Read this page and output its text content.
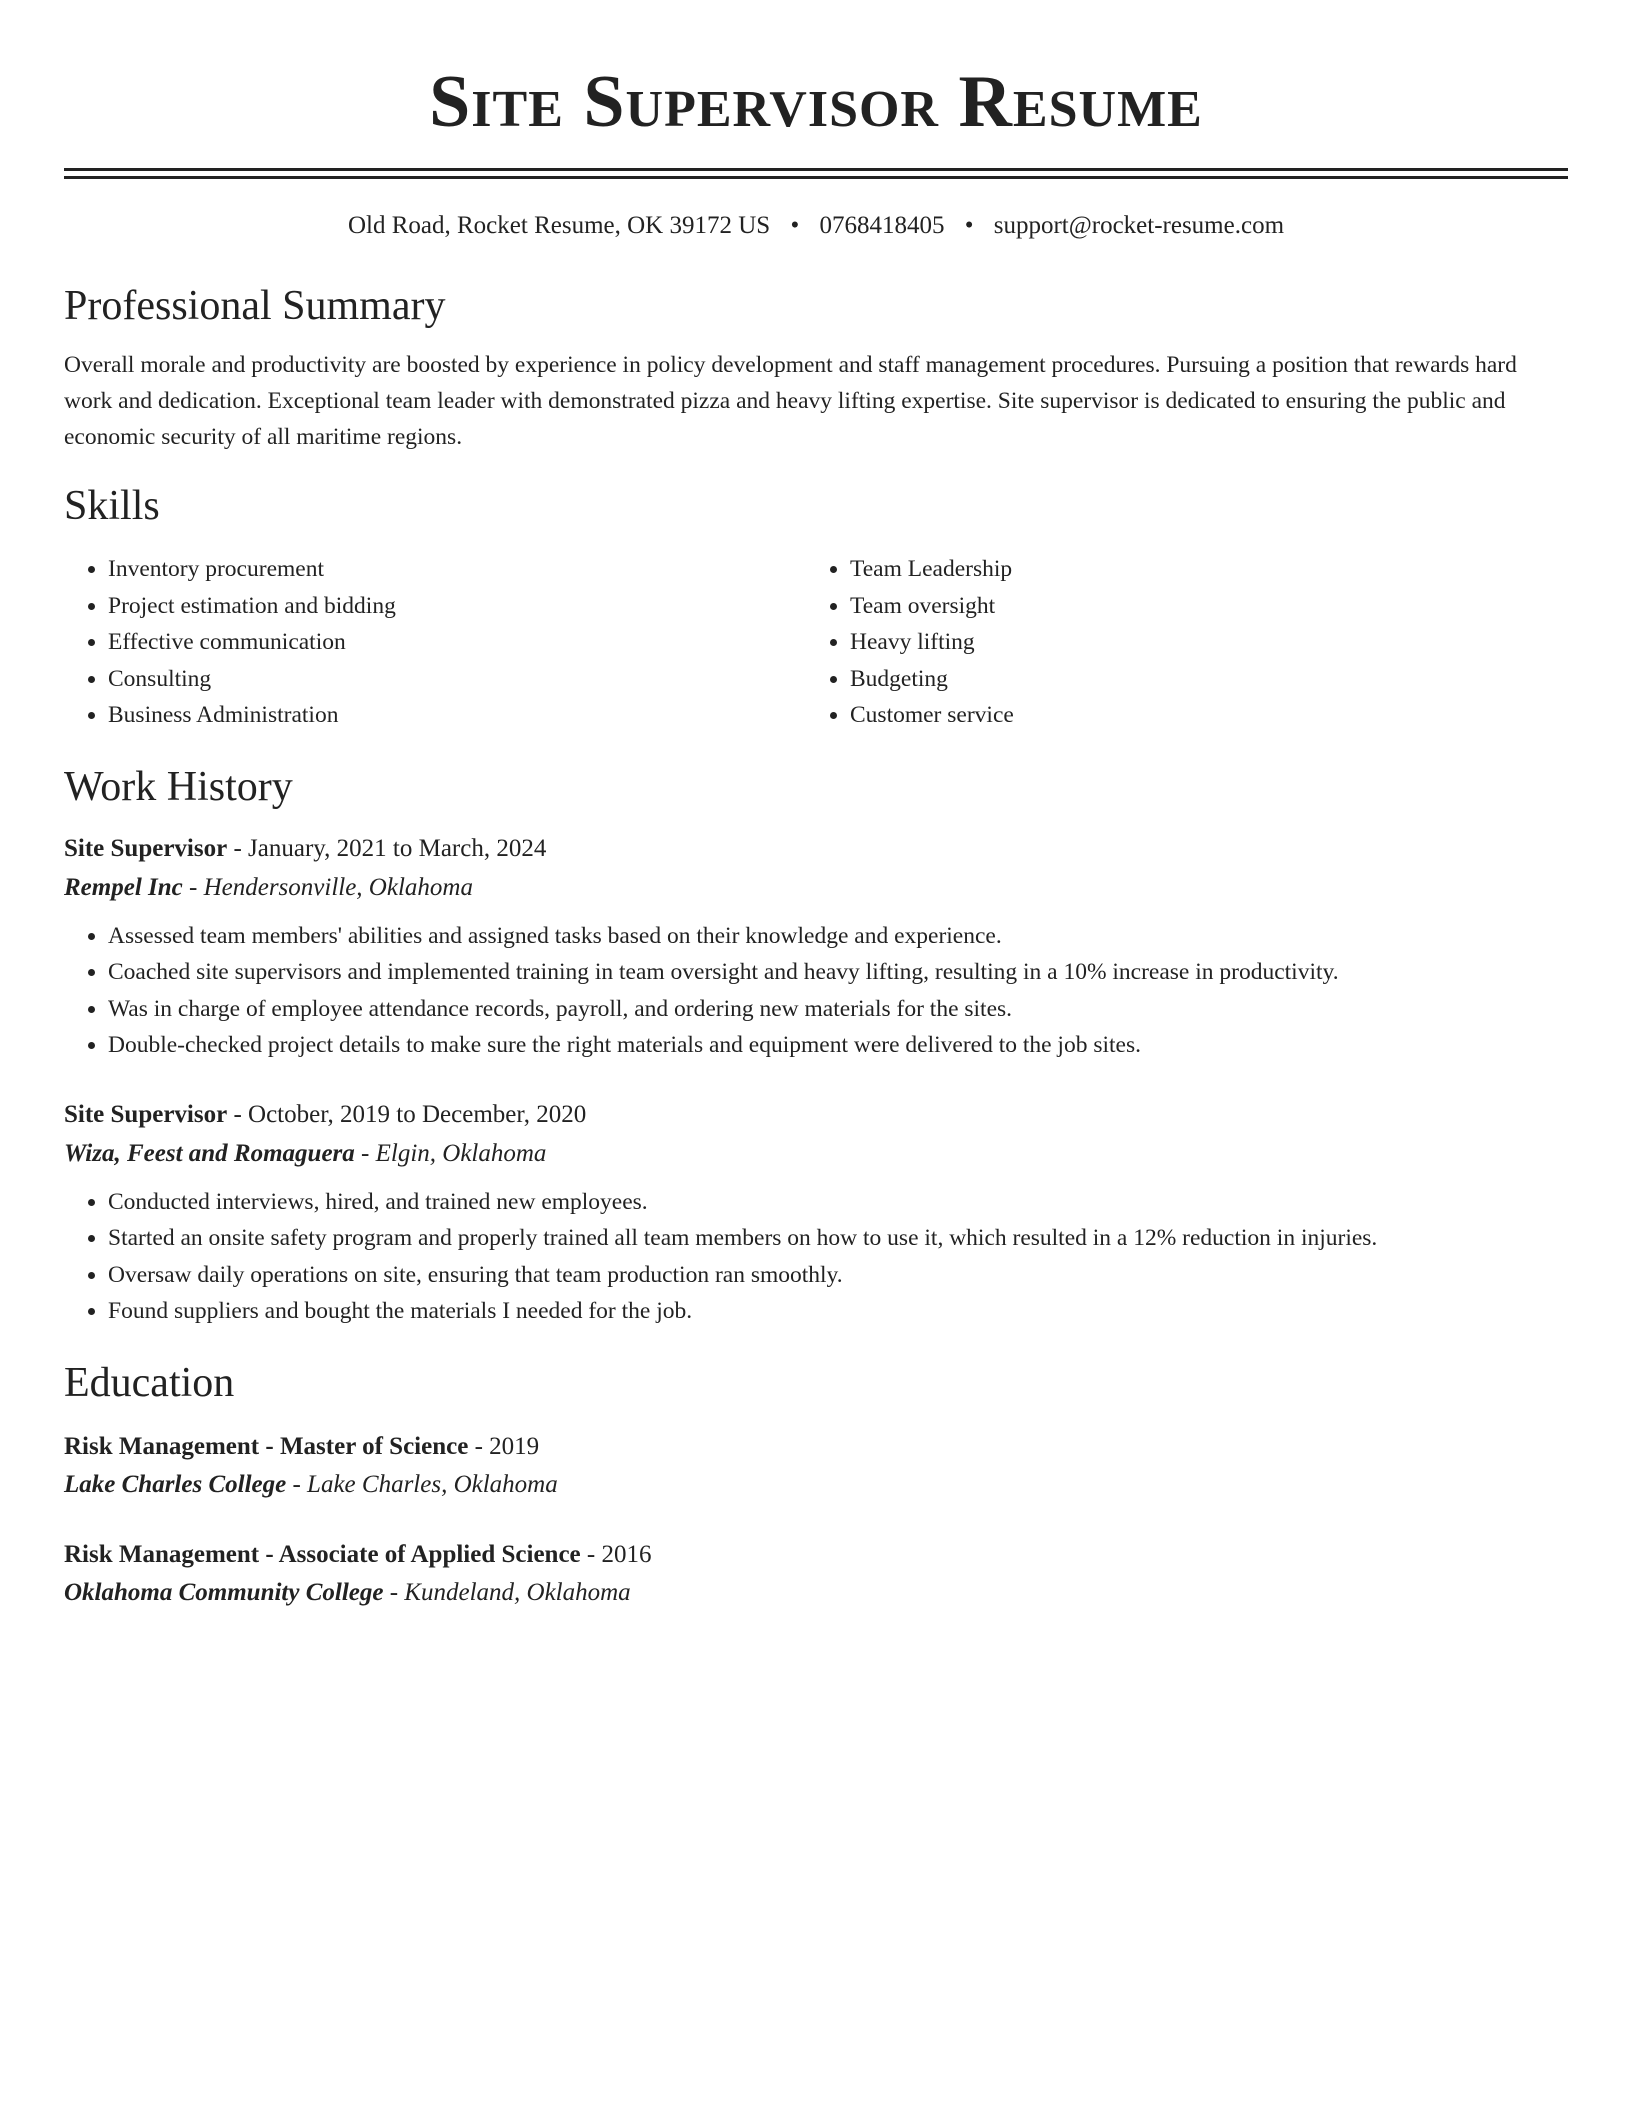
Site Supervisor Resume
Old Road, Rocket Resume, OK 39172 US • 0768418405 • support@rocket-resume.com
Professional Summary

Overall morale and productivity are boosted by experience in policy development and staff management procedures. Pursuing a position that rewards hard work and dedication. Exceptional team leader with demonstrated pizza and heavy lifting expertise. Site supervisor is dedicated to ensuring the public and economic security of all maritime regions.

Skills
• Inventory procurement
• Project estimation and bidding
• Effective communication
• Consulting
• Business Administration
• Team Leadership
• Team oversight
• Heavy lifting
• Budgeting
• Customer service
Work History
Site Supervisor - January, 2021 to March, 2024
Rempel Inc - Hendersonville, Oklahoma
• Assessed team members' abilities and assigned tasks based on their knowledge and experience.
• Coached site supervisors and implemented training in team oversight and heavy lifting, resulting in a 10% increase in productivity.
• Was in charge of employee attendance records, payroll, and ordering new materials for the sites.
• Double-checked project details to make sure the right materials and equipment were delivered to the job sites.
Site Supervisor - October, 2019 to December, 2020
Wiza, Feest and Romaguera - Elgin, Oklahoma
• Conducted interviews, hired, and trained new employees.
• Started an onsite safety program and properly trained all team members on how to use it, which resulted in a 12% reduction in injuries.
• Oversaw daily operations on site, ensuring that team production ran smoothly.
• Found suppliers and bought the materials I needed for the job.
Education
Risk Management - Master of Science - 2019
Lake Charles College - Lake Charles, Oklahoma
Risk Management - Associate of Applied Science - 2016
Oklahoma Community College - Kundeland, Oklahoma
